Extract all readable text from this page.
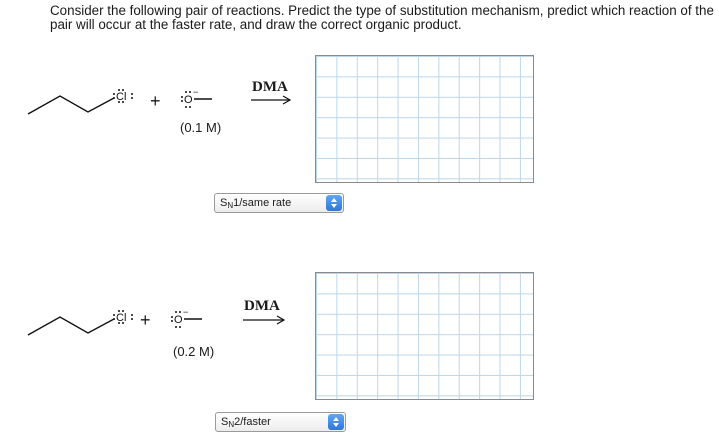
Consider the following pair of reactions. Predict the type of substitution mechanism, predict which reaction of the pair will occur at the faster rate, and draw the correct organic product.
Cl + O
−
(0.1 M)
DMA
$S_N1$/same rate
Cl + O
−
(0.2 M)
DMA
$S_N2$/faster
